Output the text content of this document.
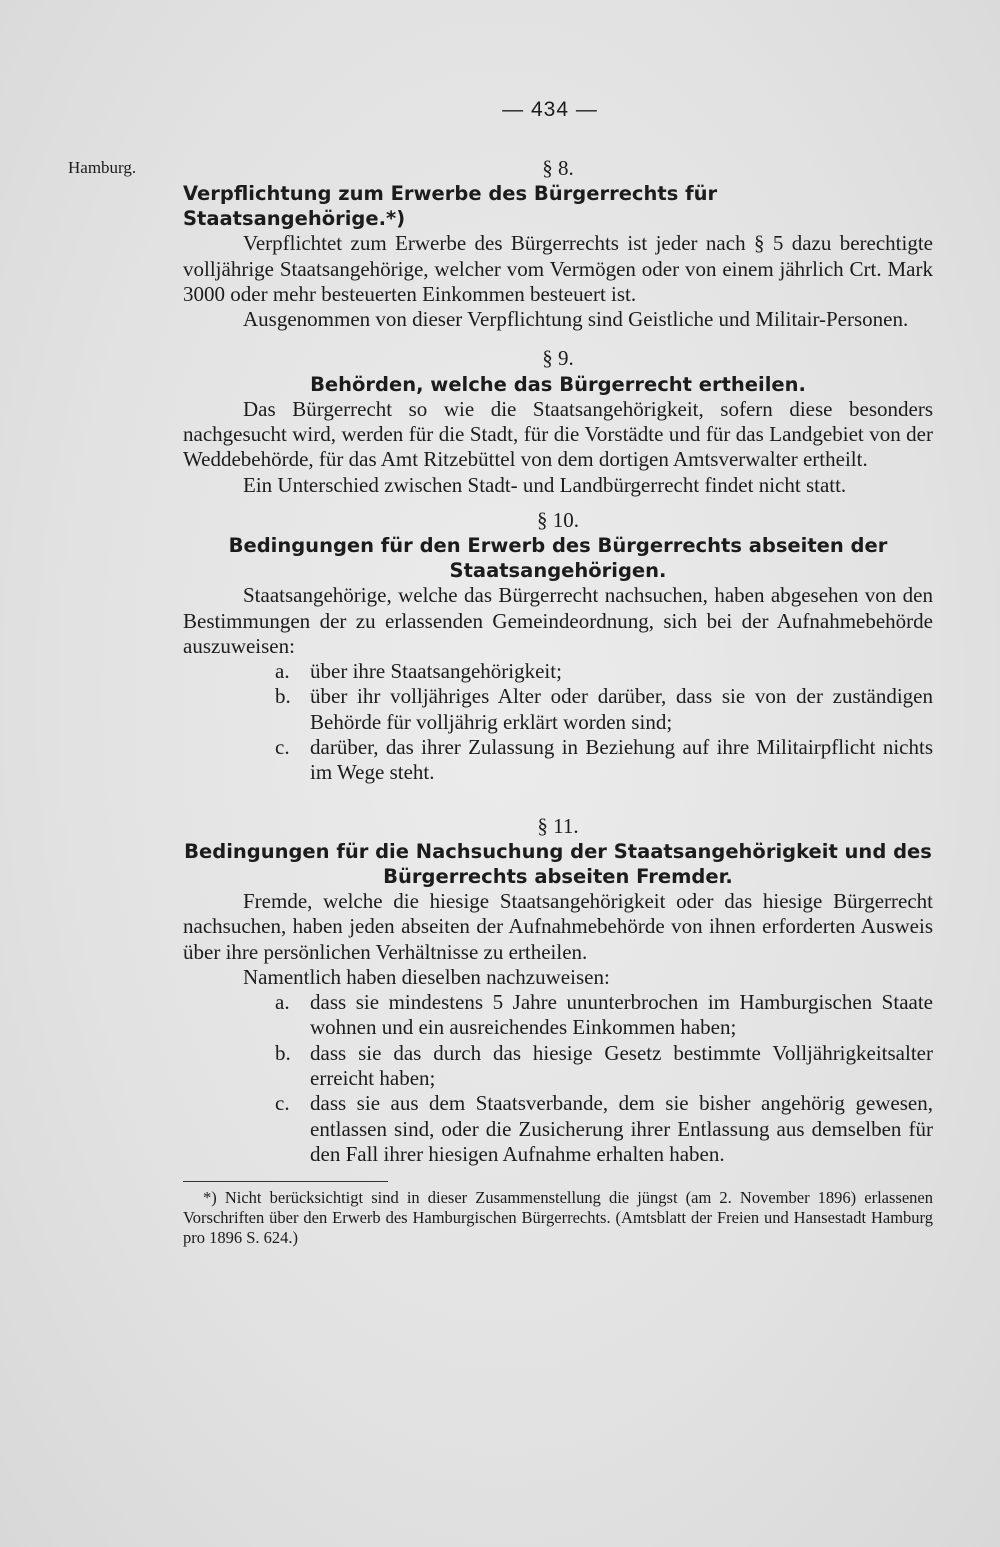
— 434 —
Hamburg.	§ 8.
Verpflichtung zum Erwerbe des Bürgerrechts für Staatsangehörige.*)

Verpflichtet zum Erwerbe des Bürgerrechts ist jeder nach § 5 dazu berechtigte volljährige Staatsangehörige, welcher vom Vermögen oder von einem jährlich Crt. Mark 3000 oder mehr besteuerten Einkommen besteuert ist.

Ausgenommen von dieser Verpflichtung sind Geistliche und Militair-Personen.

§ 9.
Behörden, welche das Bürgerrecht ertheilen.

Das Bürgerrecht so wie die Staatsangehörigkeit, sofern diese besonders nachgesucht wird, werden für die Stadt, für die Vorstädte und für das Landgebiet von der Weddebehörde, für das Amt Ritzebüttel von dem dortigen Amtsverwalter ertheilt.

Ein Unterschied zwischen Stadt- und Landbürgerrecht findet nicht statt.

§ 10.
Bedingungen für den Erwerb des Bürgerrechts abseiten der Staatsangehörigen.

Staatsangehörige, welche das Bürgerrecht nachsuchen, haben abgesehen von den Bestimmungen der zu erlassenden Gemeindeordnung, sich bei der Aufnahmebehörde auszuweisen:

a. über ihre Staatsangehörigkeit;
b. über ihr volljähriges Alter oder darüber, dass sie von der zuständigen Behörde für volljährig erklärt worden sind;
c. darüber, das ihrer Zulassung in Beziehung auf ihre Militairpflicht nichts im Wege steht.
§ 11.
Bedingungen für die Nachsuchung der Staatsangehörigkeit und des Bürgerrechts abseiten Fremder.

Fremde, welche die hiesige Staatsangehörigkeit oder das hiesige Bürgerrecht nachsuchen, haben jeden abseiten der Aufnahmebehörde von ihnen erforderten Ausweis über ihre persönlichen Verhältnisse zu ertheilen.

Namentlich haben dieselben nachzuweisen:

a. dass sie mindestens 5 Jahre ununterbrochen im Hamburgischen Staate wohnen und ein ausreichendes Einkommen haben;
b. dass sie das durch das hiesige Gesetz bestimmte Volljährigkeitsalter erreicht haben;
c. dass sie aus dem Staatsverbande, dem sie bisher angehörig gewesen, entlassen sind, oder die Zusicherung ihrer Entlassung aus demselben für den Fall ihrer hiesigen Aufnahme erhalten haben.

*) Nicht berücksichtigt sind in dieser Zusammenstellung die jüngst (am 2. November 1896) erlassenen Vorschriften über den Erwerb des Hamburgischen Bürgerrechts. (Amtsblatt der Freien und Hansestadt Hamburg pro 1896 S. 624.)
